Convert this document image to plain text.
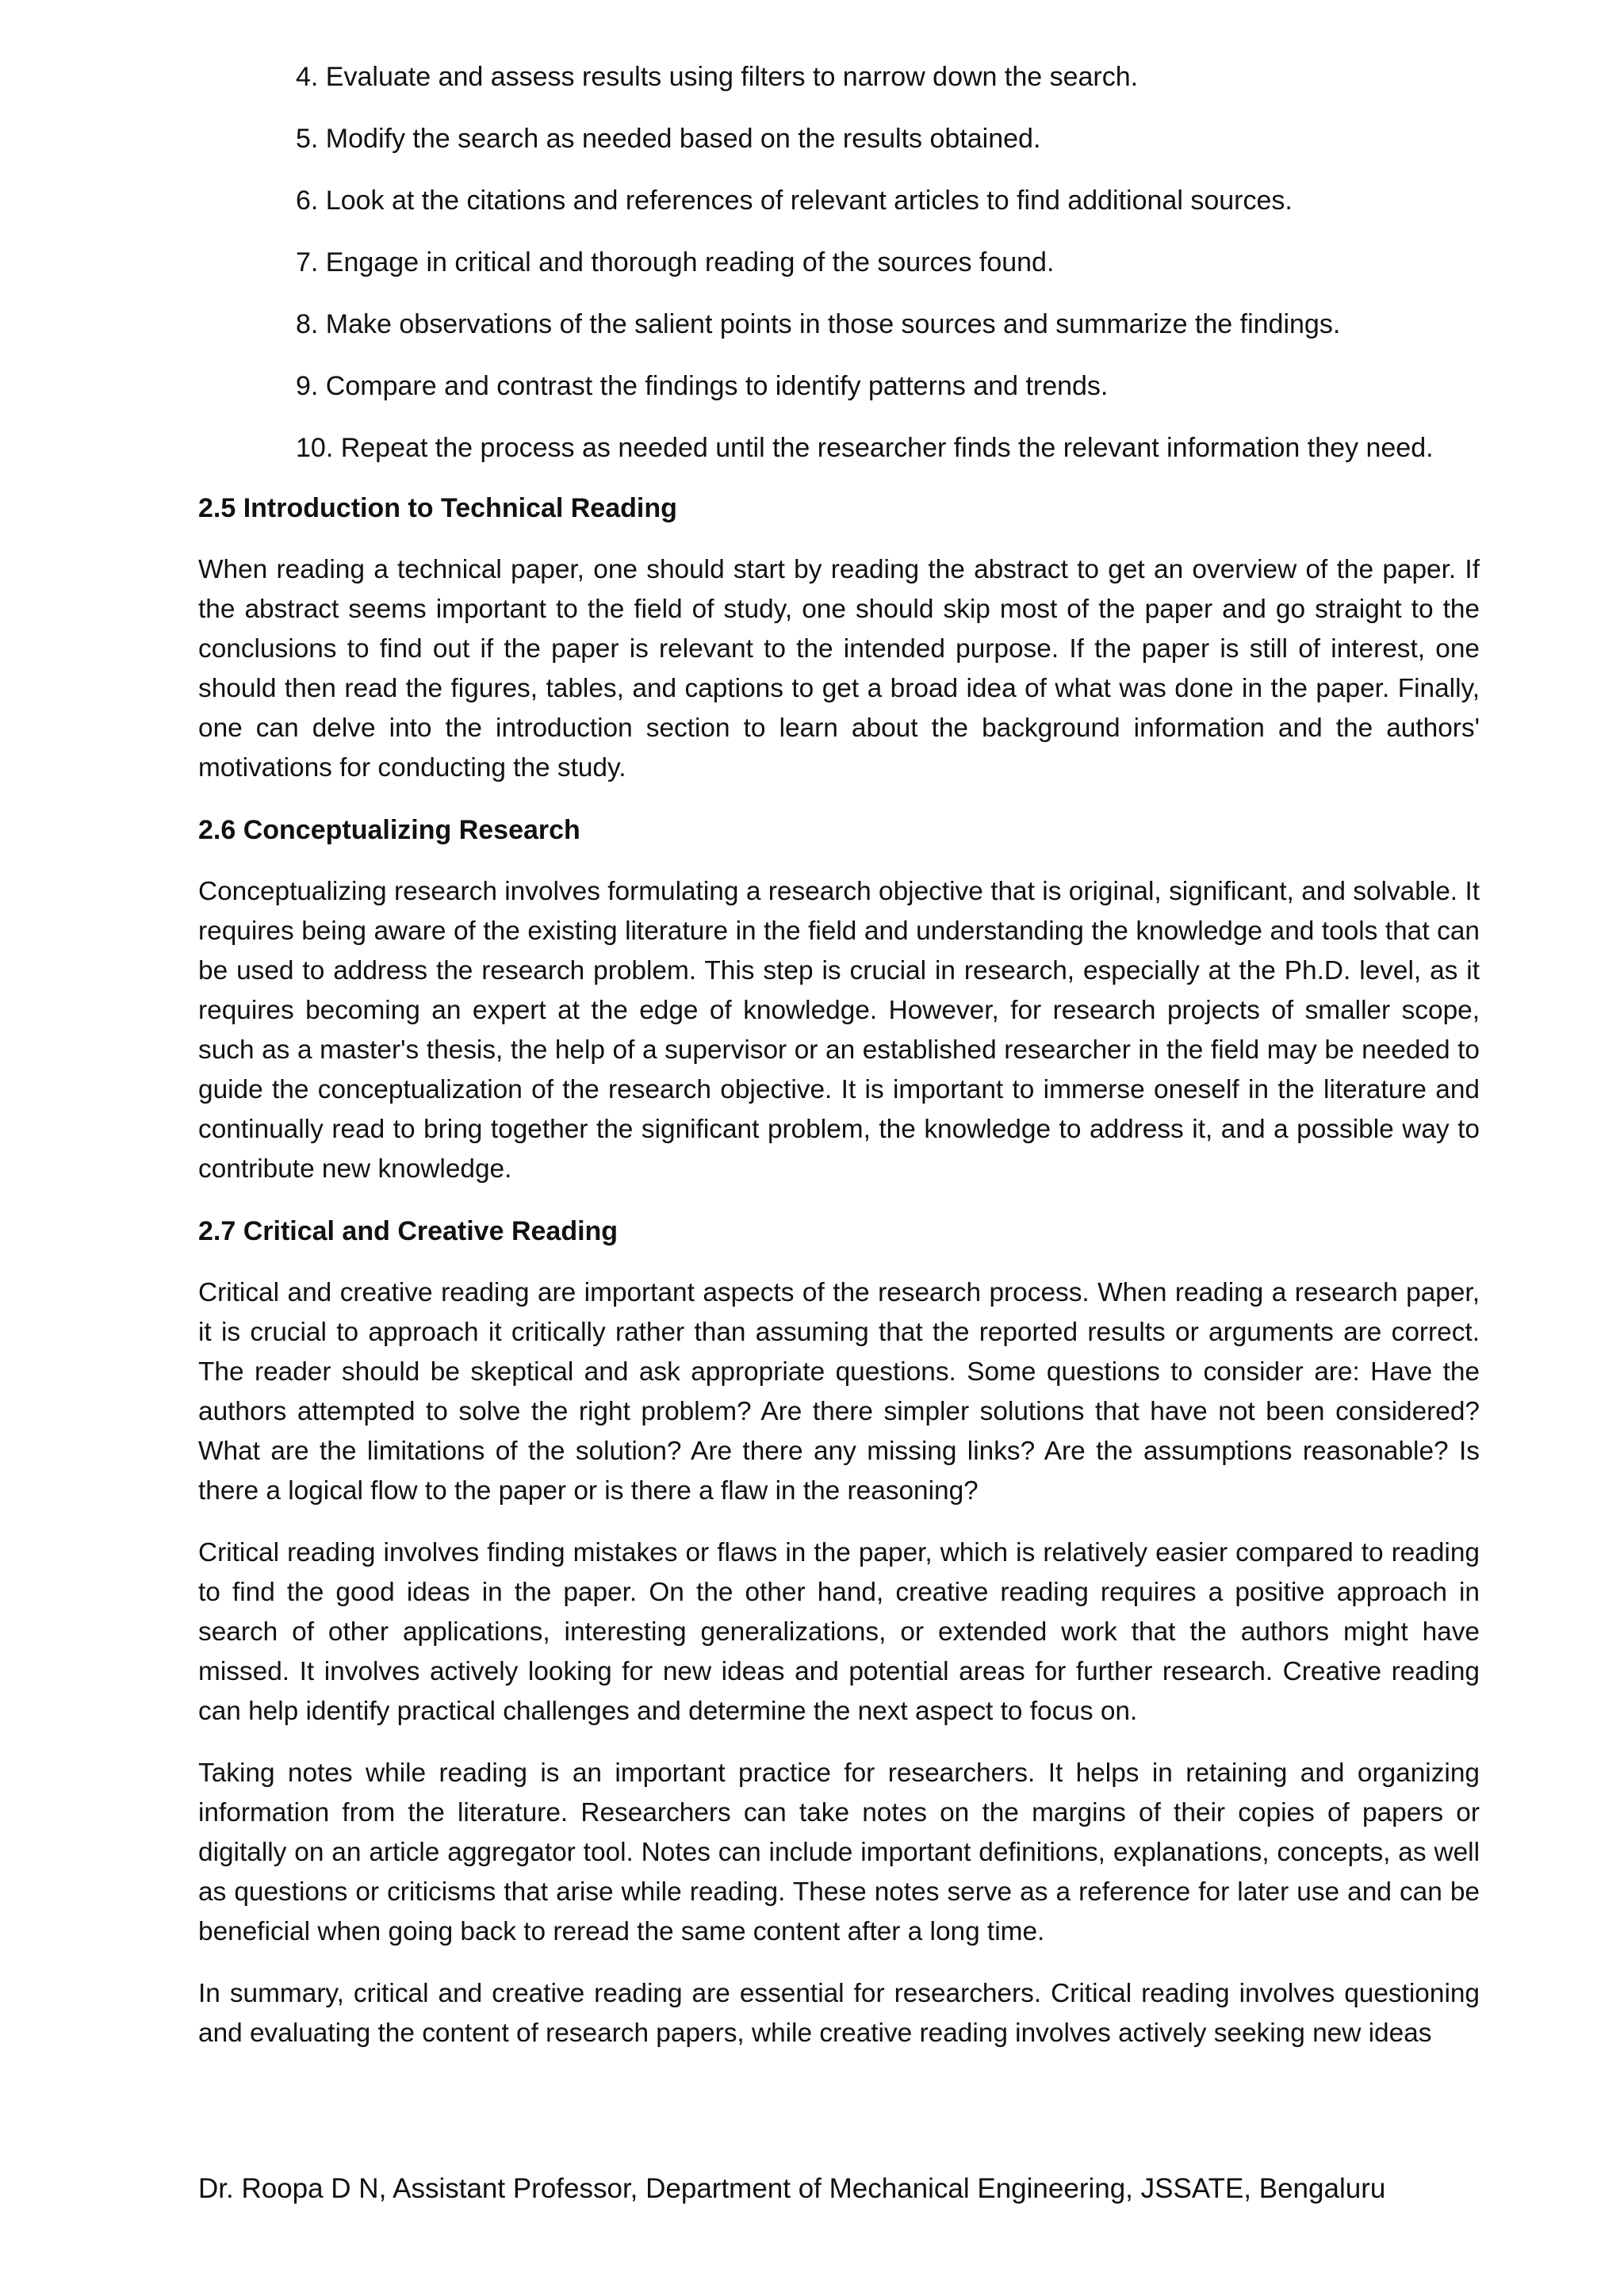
4. Evaluate and assess results using filters to narrow down the search.
5. Modify the search as needed based on the results obtained.
6. Look at the citations and references of relevant articles to find additional sources.
7. Engage in critical and thorough reading of the sources found.
8. Make observations of the salient points in those sources and summarize the findings.
9. Compare and contrast the findings to identify patterns and trends.
10. Repeat the process as needed until the researcher finds the relevant information they need.
2.5 Introduction to Technical Reading

When reading a technical paper, one should start by reading the abstract to get an overview of the paper. If the abstract seems important to the field of study, one should skip most of the paper and go straight to the conclusions to find out if the paper is relevant to the intended purpose. If the paper is still of interest, one should then read the figures, tables, and captions to get a broad idea of what was done in the paper. Finally, one can delve into the introduction section to learn about the background information and the authors' motivations for conducting the study.

2.6 Conceptualizing Research

Conceptualizing research involves formulating a research objective that is original, significant, and solvable. It requires being aware of the existing literature in the field and understanding the knowledge and tools that can be used to address the research problem. This step is crucial in research, especially at the Ph.D. level, as it requires becoming an expert at the edge of knowledge. However, for research projects of smaller scope, such as a master's thesis, the help of a supervisor or an established researcher in the field may be needed to guide the conceptualization of the research objective. It is important to immerse oneself in the literature and continually read to bring together the significant problem, the knowledge to address it, and a possible way to contribute new knowledge.

2.7 Critical and Creative Reading

Critical and creative reading are important aspects of the research process. When reading a research paper, it is crucial to approach it critically rather than assuming that the reported results or arguments are correct. The reader should be skeptical and ask appropriate questions. Some questions to consider are: Have the authors attempted to solve the right problem? Are there simpler solutions that have not been considered? What are the limitations of the solution? Are there any missing links? Are the assumptions reasonable? Is there a logical flow to the paper or is there a flaw in the reasoning?

Critical reading involves finding mistakes or flaws in the paper, which is relatively easier compared to reading to find the good ideas in the paper. On the other hand, creative reading requires a positive approach in search of other applications, interesting generalizations, or extended work that the authors might have missed. It involves actively looking for new ideas and potential areas for further research. Creative reading can help identify practical challenges and determine the next aspect to focus on.

Taking notes while reading is an important practice for researchers. It helps in retaining and organizing information from the literature. Researchers can take notes on the margins of their copies of papers or digitally on an article aggregator tool. Notes can include important definitions, explanations, concepts, as well as questions or criticisms that arise while reading. These notes serve as a reference for later use and can be beneficial when going back to reread the same content after a long time.

In summary, critical and creative reading are essential for researchers. Critical reading involves questioning and evaluating the content of research papers, while creative reading involves actively seeking new ideas

Dr. Roopa D N, Assistant Professor, Department of Mechanical Engineering, JSSATE, Bengaluru
